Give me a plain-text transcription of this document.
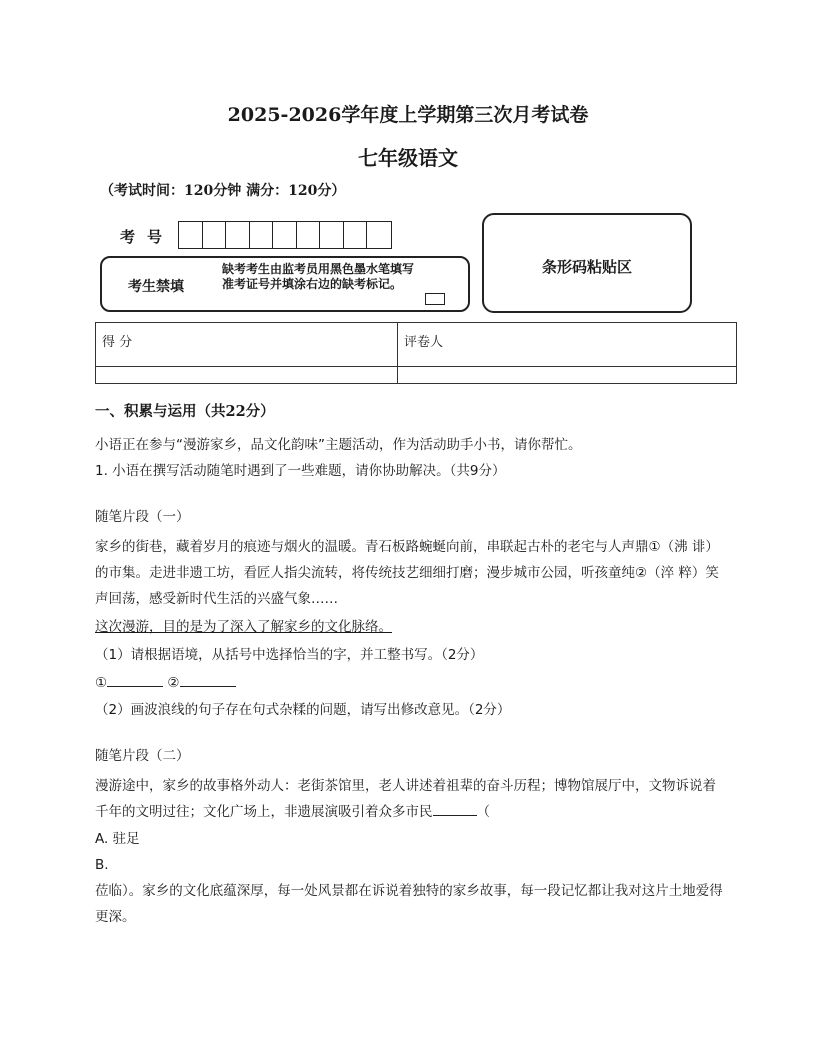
2025-2026学年度上学期第三次月考试卷
七年级语文
（考试时间：120分钟 满分：120分）
考号
考生禁填
缺考考生由监考员用黑色墨水笔填写准考证号并填涂右边的缺考标记。
条形码粘贴区
得 分	评卷人

一、积累与运用（共22分）
小语正在参与“漫游家乡，品文化韵味”主题活动，作为活动助手小书，请你帮忙。
1. 小语在撰写活动随笔时遇到了一些难题，请你协助解决。（共9分）
随笔片段（一）
家乡的街巷，藏着岁月的痕迹与烟火的温暖。青石板路蜿蜒向前，串联起古朴的老宅与人声鼎①（沸 诽）的市集。走进非遗工坊，看匠人指尖流转，将传统技艺细细打磨；漫步城市公园，听孩童纯②（淬 粹）笑声回荡，感受新时代生活的兴盛气象……
这次漫游，目的是为了深入了解家乡的文化脉络。
（1）请根据语境，从括号中选择恰当的字，并工整书写。（2分）
①	②
（2）画波浪线的句子存在句式杂糅的问题，请写出修改意见。（2分）
随笔片段（二）
漫游途中，家乡的故事格外动人：老街茶馆里，老人讲述着祖辈的奋斗历程；博物馆展厅中，文物诉说着千年的文明过往；文化广场上，非遗展演吸引着众多市民	（
A. 驻足
B.
莅临）。家乡的文化底蕴深厚，每一处风景都在诉说着独特的家乡故事，每一段记忆都让我对这片土地爱得更深。
